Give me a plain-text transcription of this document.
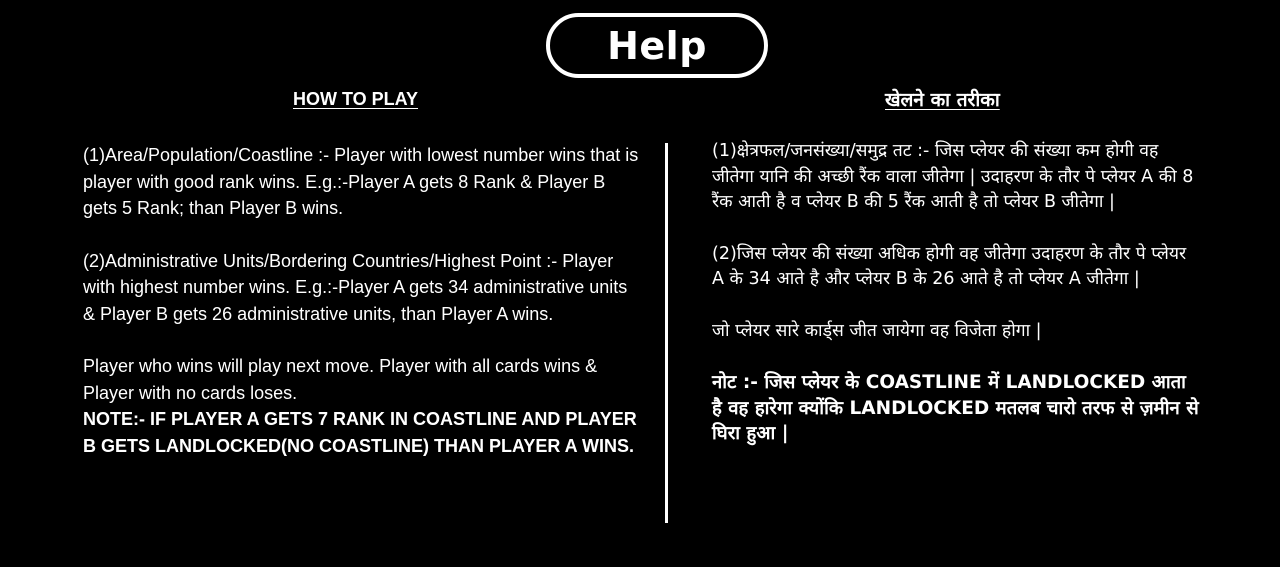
Help
HOW TO PLAY	खेलने का तरीका

(1)Area/Population/Coastline :- Player with lowest number wins that is player with good rank wins. E.g.:-Player A gets 8 Rank & Player B gets 5 Rank; than Player B wins.

(2)Administrative Units/Bordering Countries/Highest Point :- Player with highest number wins. E.g.:-Player A gets 34 administrative units & Player B gets 26 administrative units, than Player A wins.

Player who wins will play next move. Player with all cards wins & Player with no cards loses.

NOTE:- IF PLAYER A GETS 7 RANK IN COASTLINE AND PLAYER B GETS LANDLOCKED(NO COASTLINE) THAN PLAYER A WINS.

(1)क्षेत्रफल/जनसंख्या/समुद्र तट :- जिस प्लेयर की संख्या कम होगी वह जीतेगा यानि की अच्छी रैंक वाला जीतेगा | उदाहरण के तौर पे प्लेयर A की 8 रैंक आती है व प्लेयर B की 5 रैंक आती है तो प्लेयर B जीतेगा |

(2)जिस प्लेयर की संख्या अधिक होगी वह जीतेगा उदाहरण के तौर पे प्लेयर A के 34 आते है और प्लेयर B के 26 आते है तो प्लेयर A जीतेगा |

जो प्लेयर सारे कार्ड्स जीत जायेगा वह विजेता होगा |

नोट :- जिस प्लेयर के COASTLINE में LANDLOCKED आता है वह हारेगा क्योंकि LANDLOCKED मतलब चारो तरफ से ज़मीन से घिरा हुआ |
